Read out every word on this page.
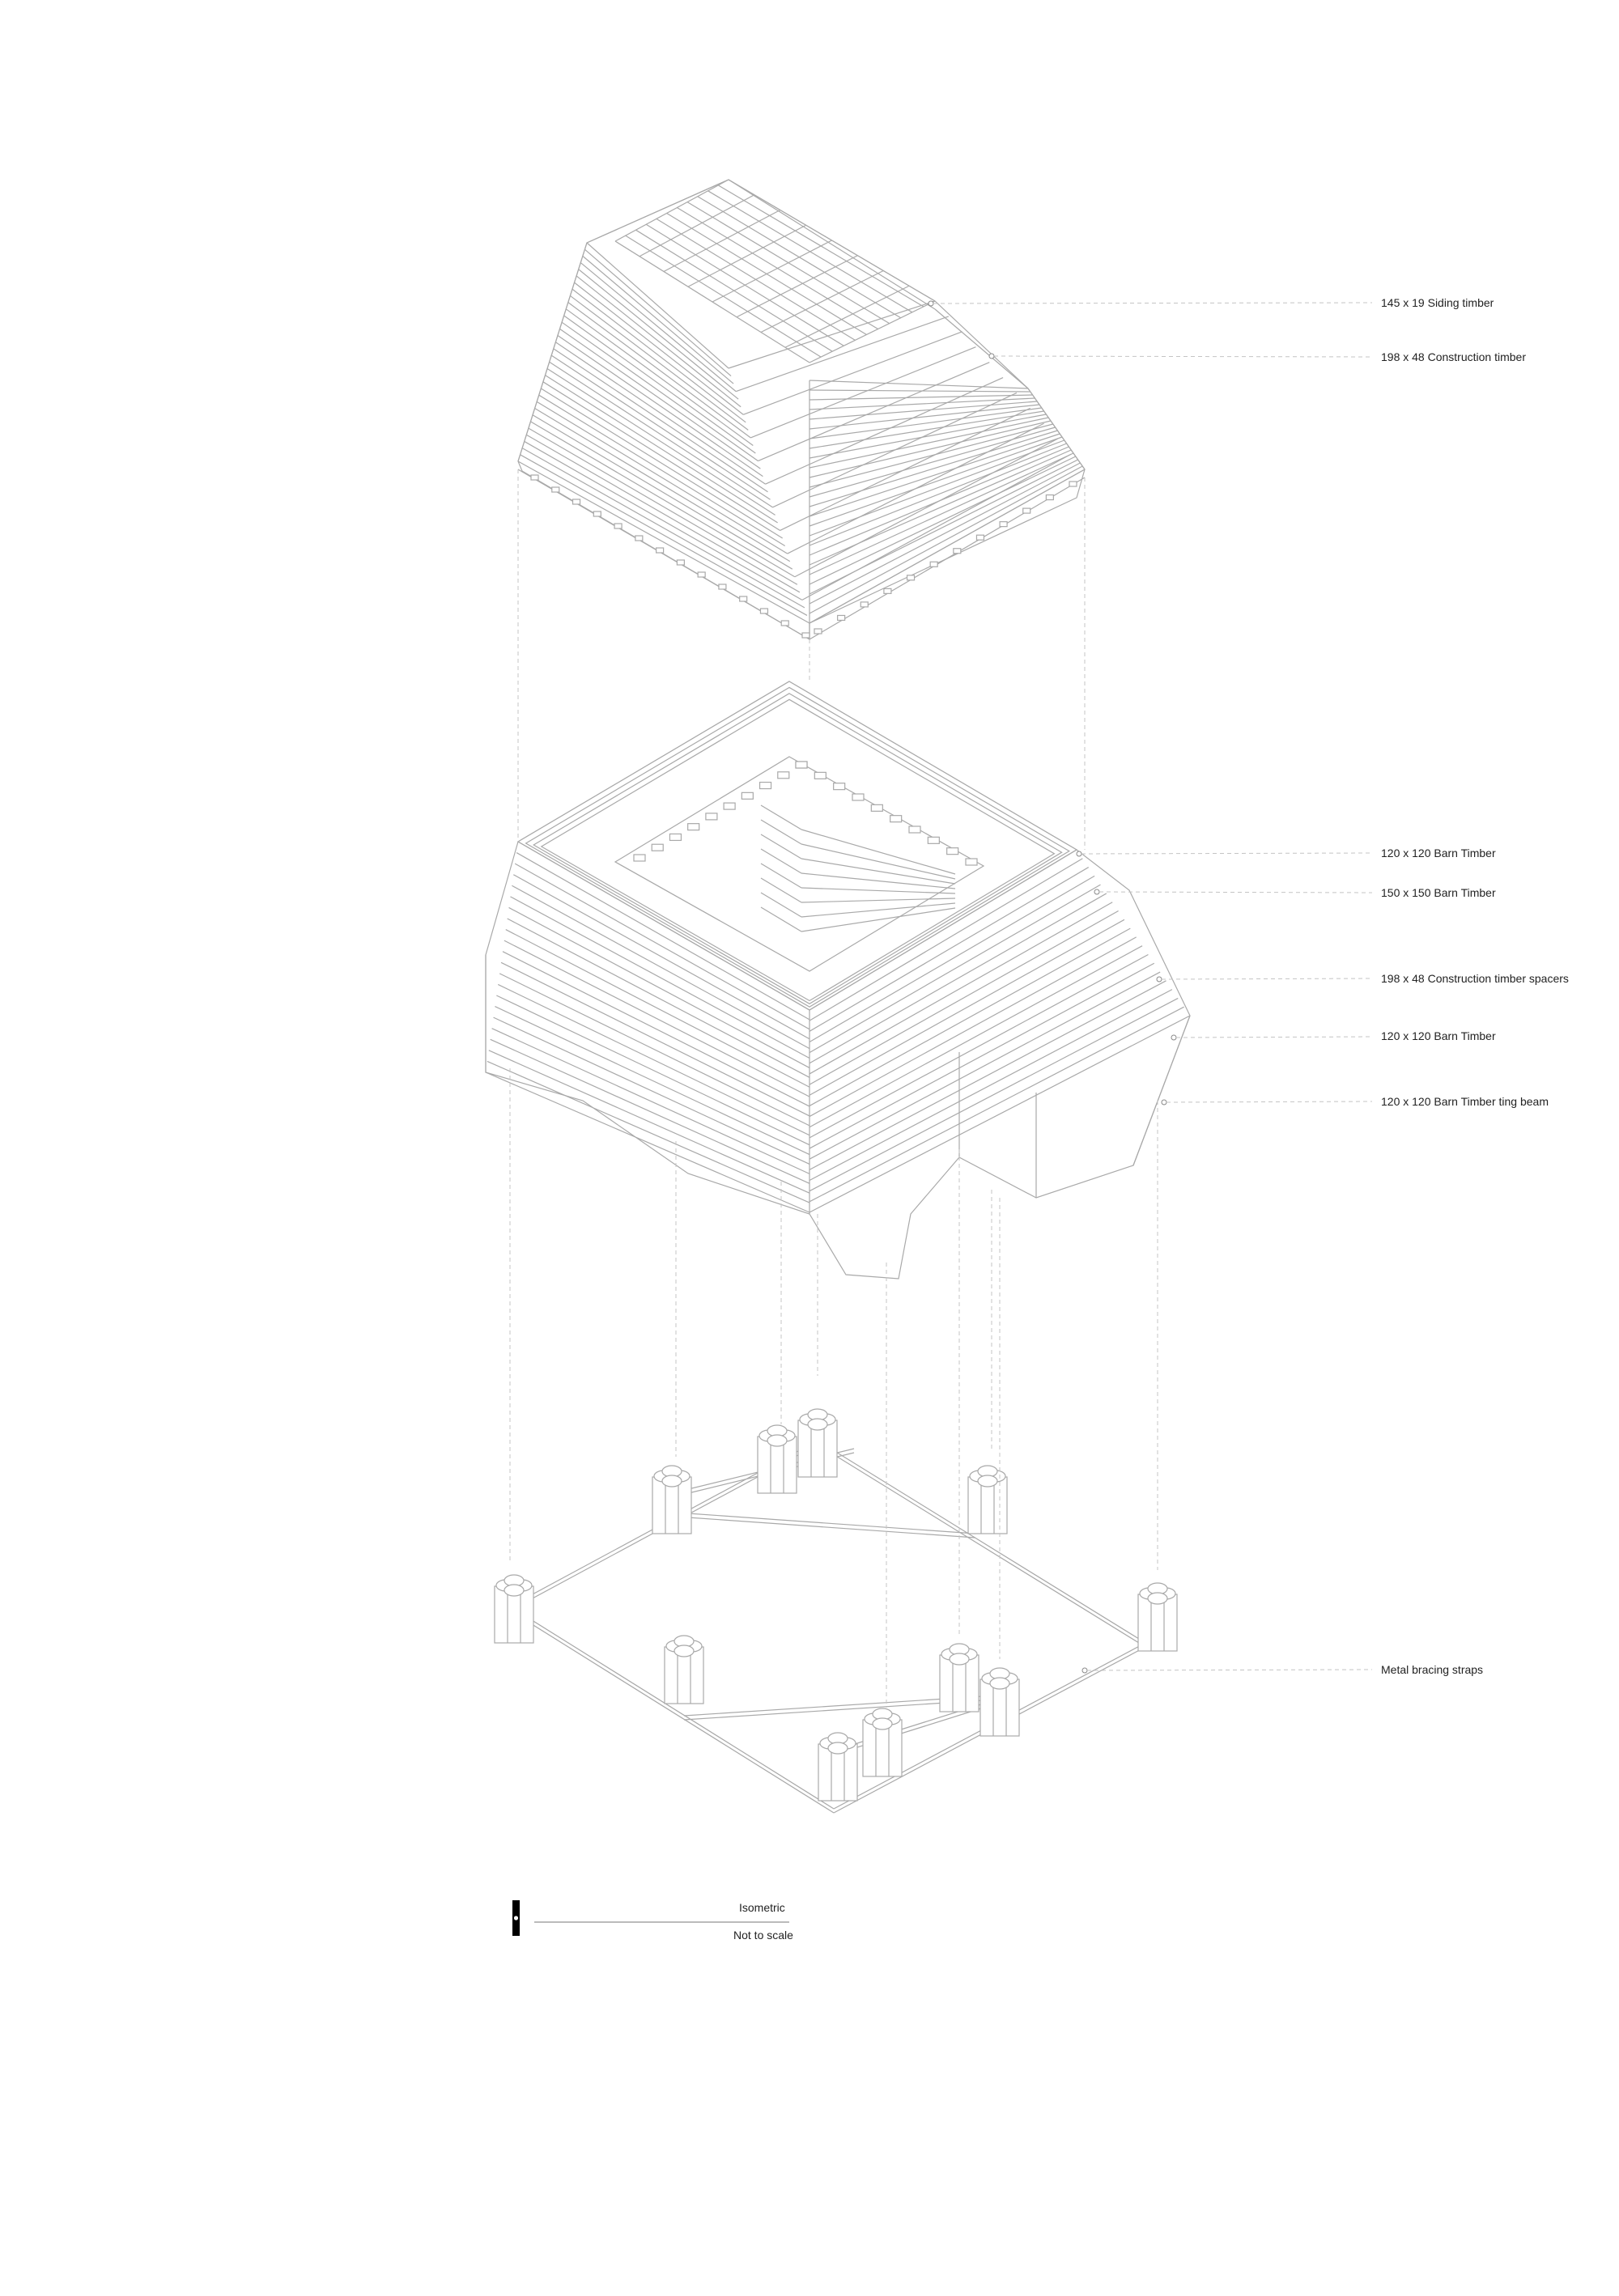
145 x 19 Siding timber
198 x 48 Construction timber
120 x 120 Barn Timber
150 x 150 Barn Timber
198 x 48 Construction timber spacers
120 x 120 Barn Timber
120 x 120 Barn Timber ting beam
Metal bracing straps
Isometric
Not to scale
